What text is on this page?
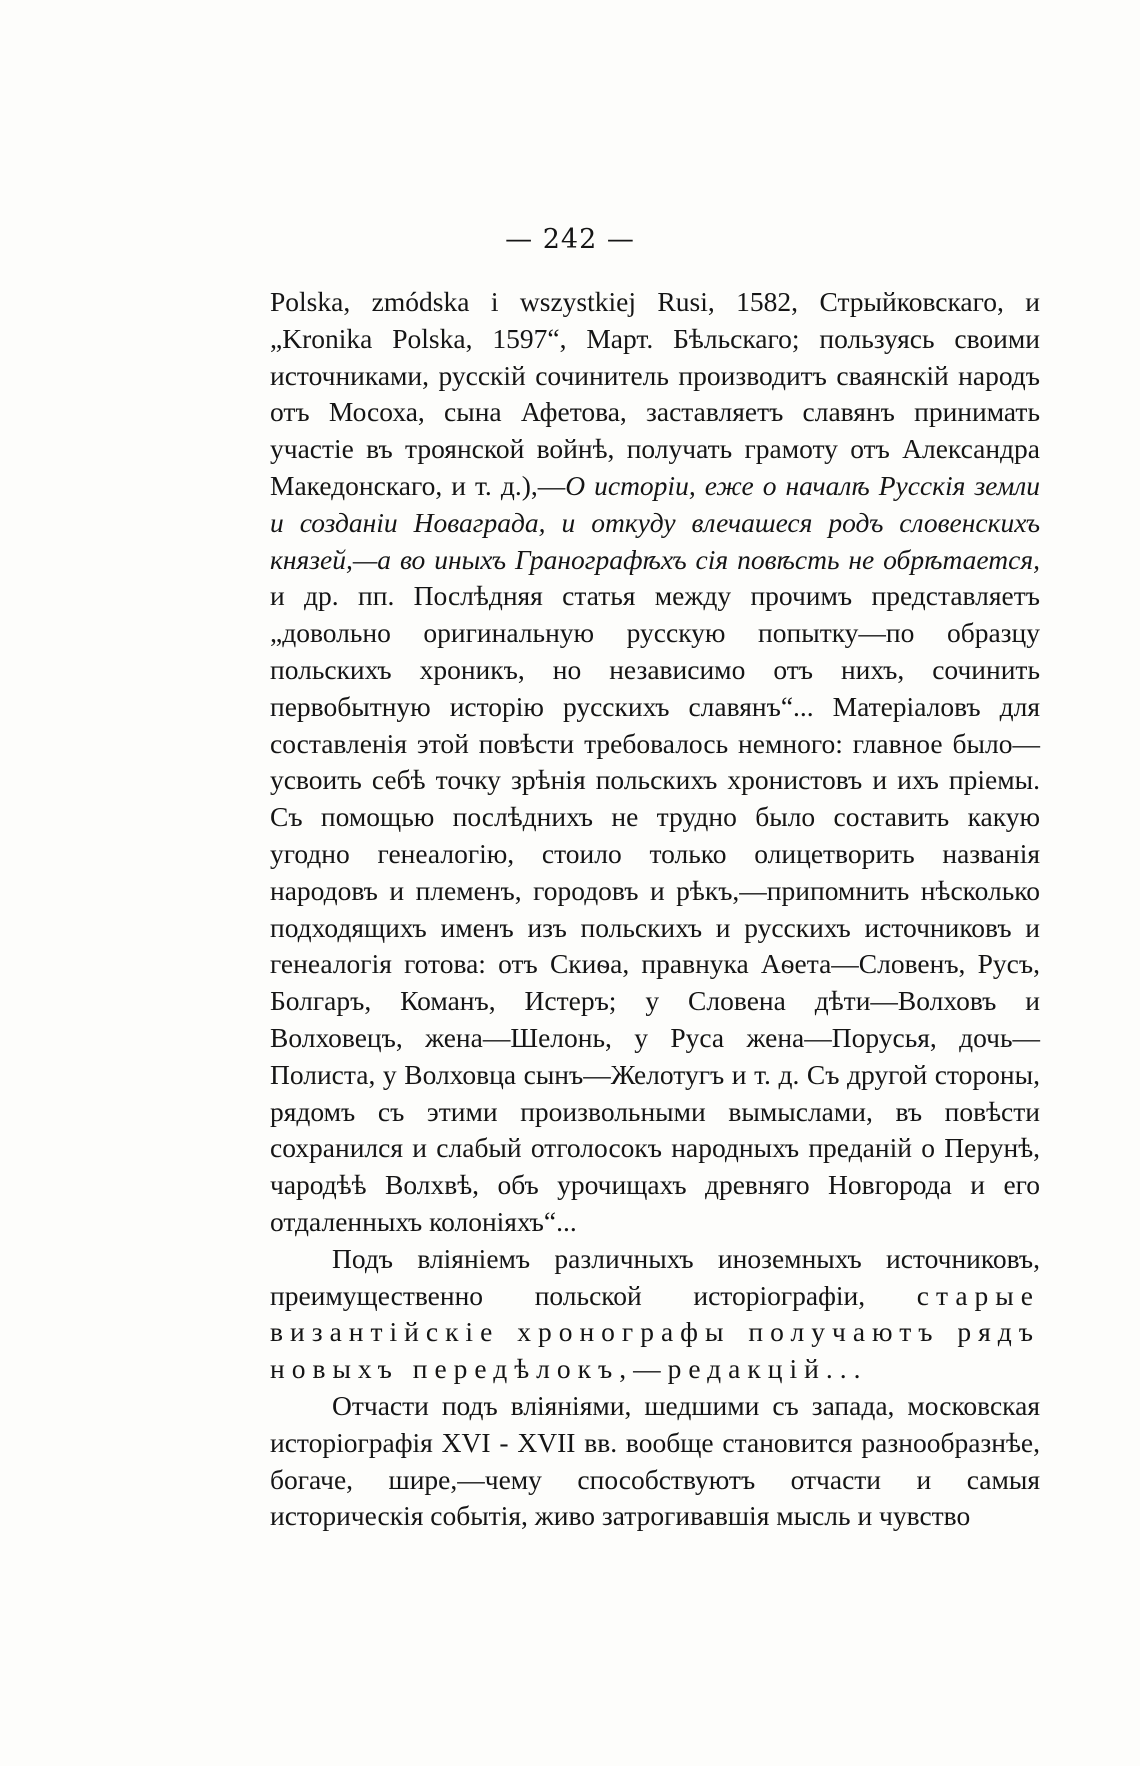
— 242 —

Polska, zmódska i wszystkiej Rusi, 1582, Стрыйковскаго, и „Kronika Polska, 1597“, Март. Бѣльскаго; пользуясь своими источниками, русскій сочинитель производитъ сваянскій народъ отъ Мосоха, сына Афетова, заставляетъ славянъ принимать участіе въ троянской войнѣ, получать грамоту отъ Александра Македонскаго, и т. д.),—О исторіи, еже о началѣ Русскія земли и созданіи Новаграда, и откуду влечашеся родъ словенскихъ князей,—а во иныхъ Гранографѣхъ сія повѣсть не обрѣтается, и др. пп. Послѣдняя статья между прочимъ представляетъ „довольно оригинальную русскую попытку—по образцу польскихъ хроникъ, но независимо отъ нихъ, сочинить первобытную исторію русскихъ славянъ“... Матеріаловъ для составленія этой повѣсти требовалось немного: главное было—усвоить себѣ точку зрѣнія польскихъ хронистовъ и ихъ пріемы. Съ помощью послѣднихъ не трудно было составить какую угодно генеалогію, стоило только олицетворить названія народовъ и племенъ, городовъ и рѣкъ,—припомнить нѣсколько подходящихъ именъ изъ польскихъ и русскихъ источниковъ и генеалогія готова: отъ Скиѳа, правнука Аѳета—Словенъ, Русъ, Болгаръ, Команъ, Истеръ; у Словена дѣти—Волховъ и Волховецъ, жена—Шелонь, у Руса жена—Порусья, дочь—Полиста, у Волховца сынъ—Желотугъ и т. д. Съ другой стороны, рядомъ съ этими произвольными вымыслами, въ повѣсти сохранился и слабый отголосокъ народныхъ преданій о Перунѣ, чародѣѣ Волхвѣ, объ урочищахъ древняго Новгорода и его отдаленныхъ колоніяхъ“...

Подъ вліяніемъ различныхъ иноземныхъ источниковъ, преимущественно польской исторіографіи, старые византійскіе хронографы получаютъ рядъ новыхъ передѣлокъ,—редакцій...

Отчасти подъ вліяніями, шедшими съ запада, московская исторіографія XVI - XVII вв. вообще становится разнообразнѣе, богаче, шире,—чему способствуютъ отчасти и самыя историческія событія, живо затрогивавшія мысль и чувство
